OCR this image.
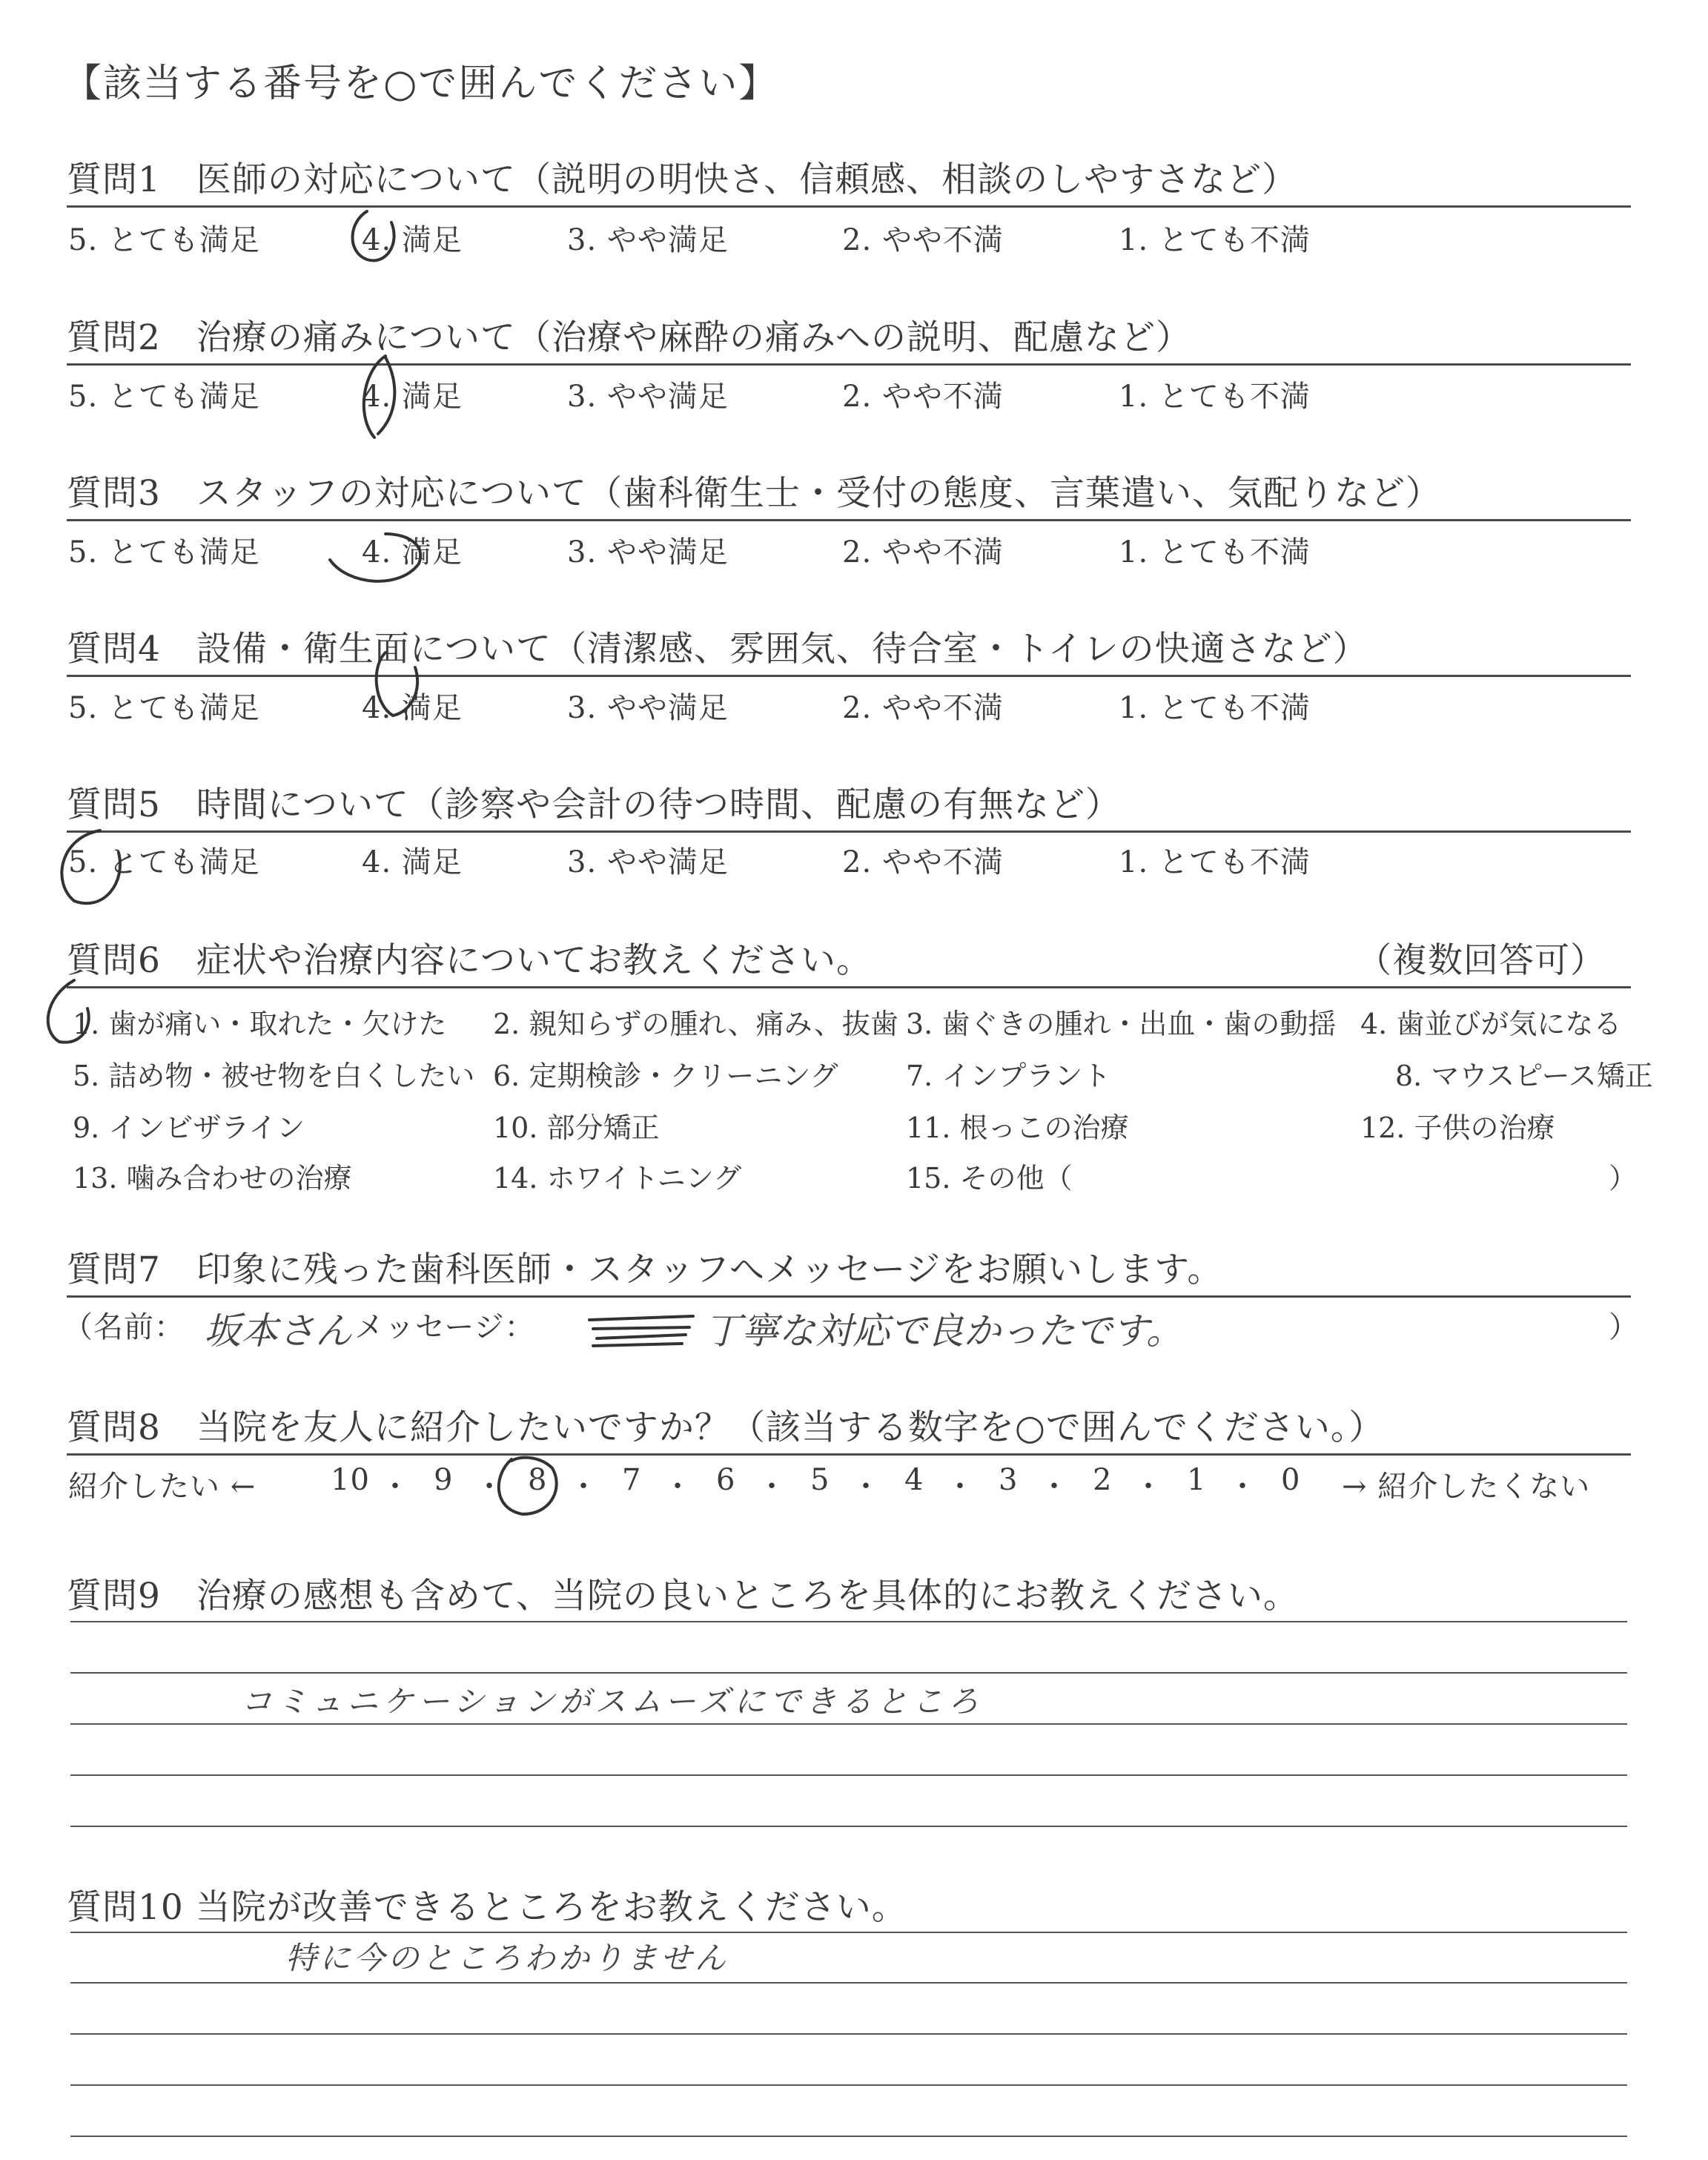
【該当する番号を○で囲んでください】
質問1　医師の対応について（説明の明快さ、信頼感、相談のしやすさなど）
5. とても満足	4. 満足	3. やや満足	2. やや不満	1. とても不満
質問2　治療の痛みについて（治療や麻酔の痛みへの説明、配慮など）
5. とても満足	4. 満足	3. やや満足	2. やや不満	1. とても不満
質問3　スタッフの対応について（歯科衛生士・受付の態度、言葉遣い、気配りなど）
5. とても満足	4. 満足	3. やや満足	2. やや不満	1. とても不満
質問4　設備・衛生面について（清潔感、雰囲気、待合室・トイレの快適さなど）
5. とても満足	4. 満足	3. やや満足	2. やや不満	1. とても不満
質問5　時間について（診察や会計の待つ時間、配慮の有無など）
5. とても満足	4. 満足	3. やや満足	2. やや不満	1. とても不満
質問6　症状や治療内容についてお教えください。	（複数回答可）
1. 歯が痛い・取れた・欠けた 2. 親知らずの腫れ、痛み、抜歯 3. 歯ぐきの腫れ・出血・歯の動揺 4. 歯並びが気になる
5. 詰め物・被せ物を白くしたい 6. 定期検診・クリーニング 7. インプラント	8. マウスピース矯正
9. インビザライン	10. 部分矯正	11. 根っこの治療	12. 子供の治療
13. 噛み合わせの治療	14. ホワイトニング	15. その他（	）
質問7　印象に残った歯科医師・スタッフへメッセージをお願いします。
（名前： 坂本さん メッセージ：	丁寧な対応で良かったです。	）
質問8　当院を友人に紹介したいですか？（該当する数字を○で囲んでください。）
紹介したい ←	→ 紹介したくない
10 ・ 9 ・ 8 ・ 7 ・ 6 ・ 5 ・ 4 ・ 3 ・ 2 ・ 1 ・ 0
質問9　治療の感想も含めて、当院の良いところを具体的にお教えください。
コミュニケーションがスムーズにできるところ
質問10 当院が改善できるところをお教えください。
特に今のところわかりません
